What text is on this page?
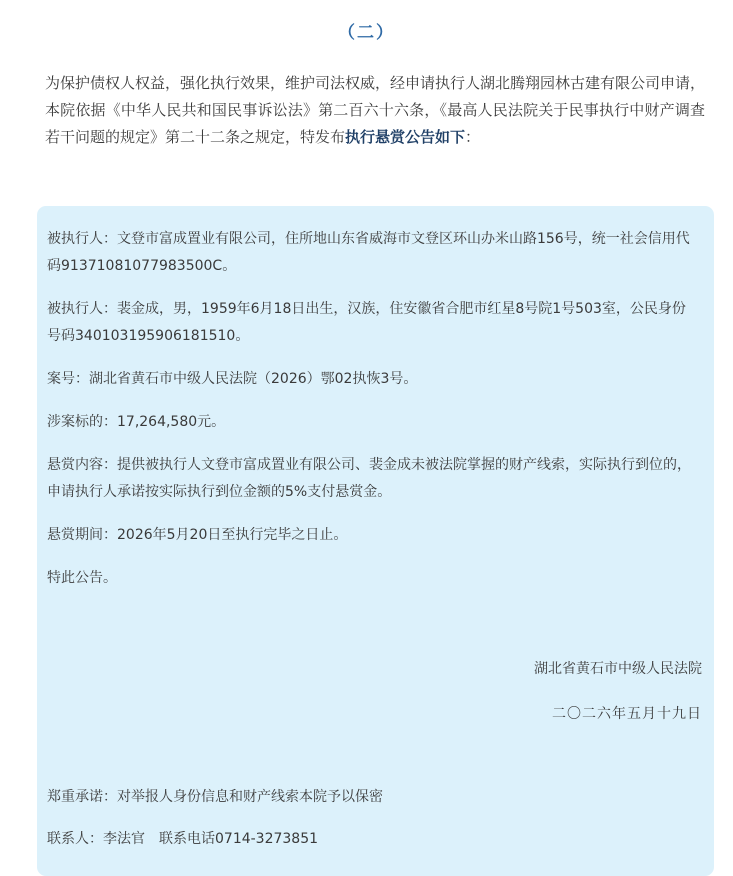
（二）
为保护债权人权益，强化执行效果，维护司法权威，经申请执行人湖北腾翔园林古建有限公司申请，本院依据《中华人民共和国民事诉讼法》第二百六十六条，《最高人民法院关于民事执行中财产调查若干问题的规定》第二十二条之规定，特发布执行悬赏公告如下：

被执行人：文登市富成置业有限公司，住所地山东省威海市文登区环山办米山路156号，统一社会信用代码91371081077983500C。

被执行人：裴金成，男，1959年6月18日出生，汉族，住安徽省合肥市红星8号院1号503室，公民身份号码340103195906181510。

案号：湖北省黄石市中级人民法院（2026）鄂02执恢3号。

涉案标的：17,264,580元。

悬赏内容：提供被执行人文登市富成置业有限公司、裴金成未被法院掌握的财产线索，实际执行到位的，申请执行人承诺按实际执行到位金额的5%支付悬赏金。

悬赏期间：2026年5月20日至执行完毕之日止。

特此公告。

湖北省黄石市中级人民法院
二〇二六年五月十九日
郑重承诺：对举报人身份信息和财产线索本院予以保密
联系人：李法官 联系电话0714-3273851
